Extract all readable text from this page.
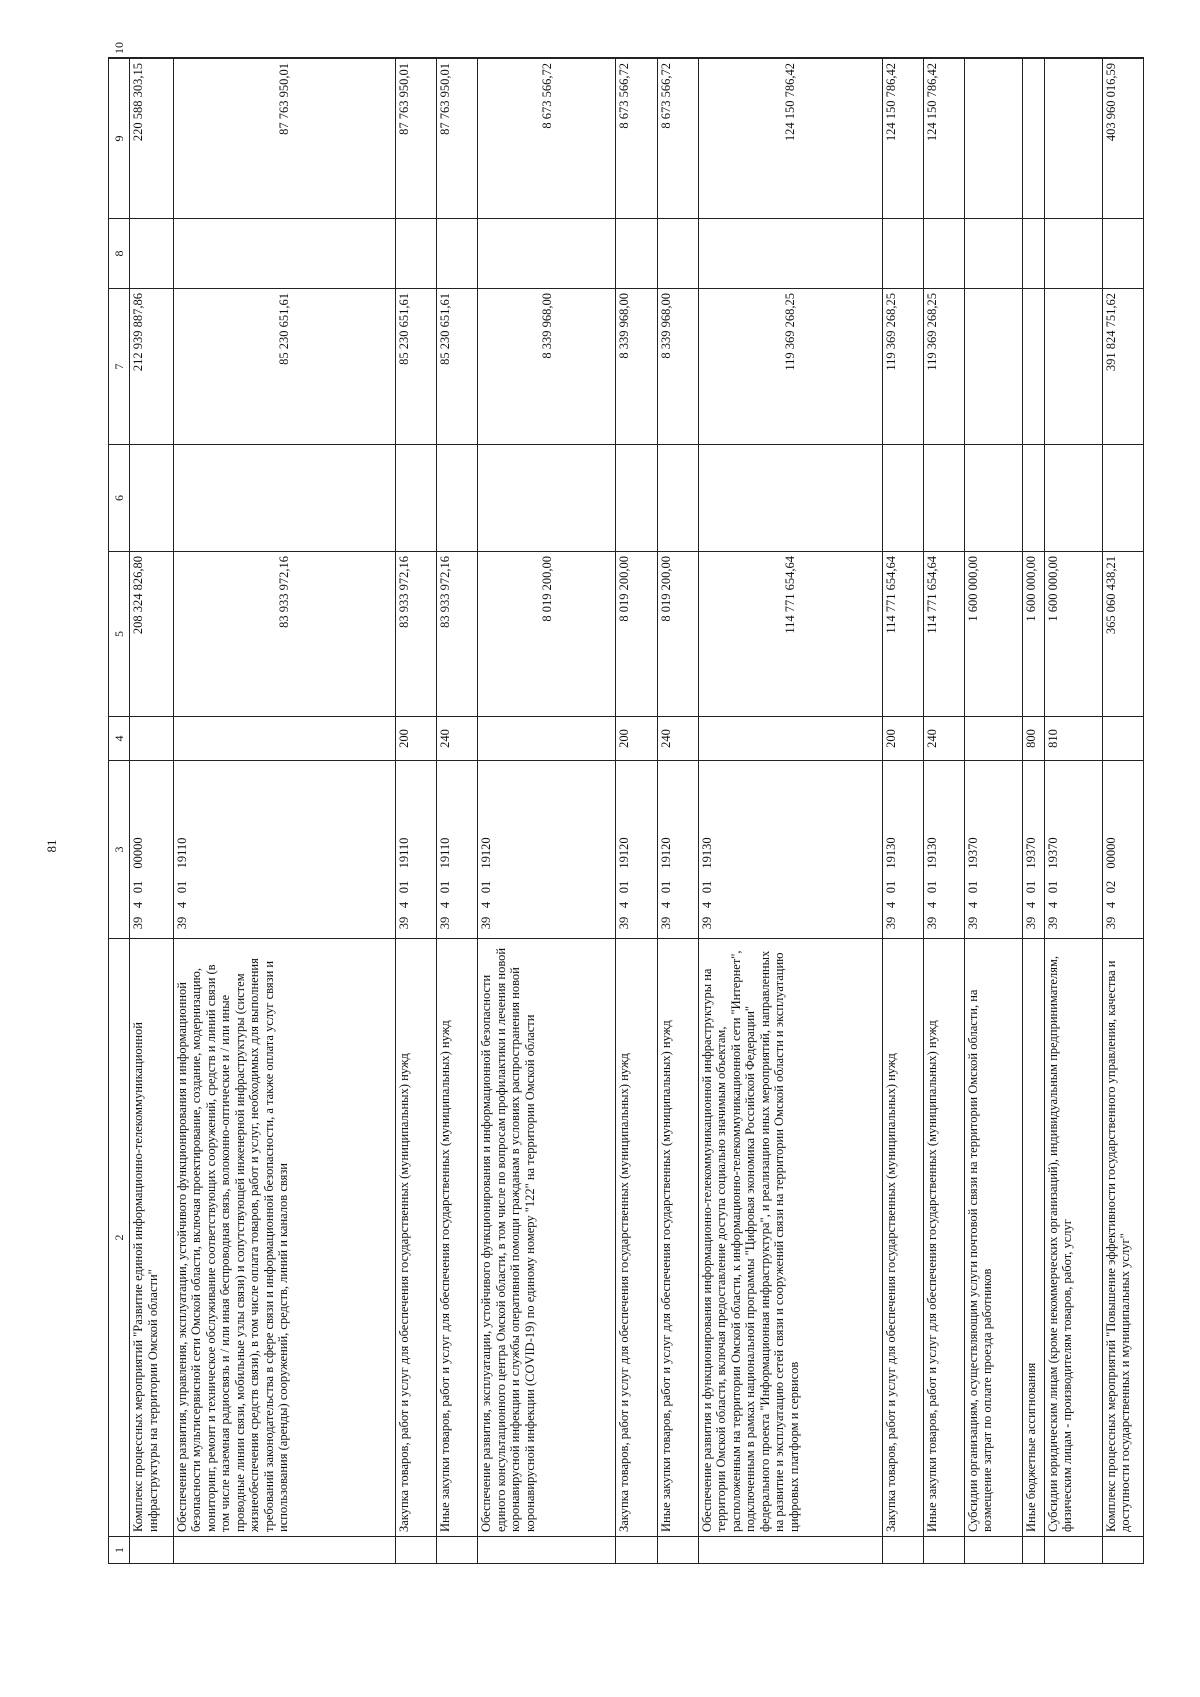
81
1	2	3	4	5	6	7	8	9	10
	Комплекс процессных мероприятий "Развитие единой информационно-телекоммуникационной инфраструктуры на территории Омской области"	3940100000		208 324 826,80		212 939 887,86		220 588 303,15	
	Обеспечение развития, управления, эксплуатации, устойчивого функционирования и информационной безопасности мультисервисной сети Омской области, включая проектирование, создание, модернизацию, мониторинг, ремонт и техническое обслуживание соответствующих сооружений, средств и линий связи (в том числе наземная радиосвязь и / или иная беспроводная связь, волоконно-оптические и / или иные проводные линии связи, мобильные узлы связи) и сопутствующей инженерной инфраструктуры (систем жизнеобеспечения средств связи), в том числе оплата товаров, работ и услуг, необходимых для выполнения требований законодательства в сфере связи и информационной безопасности, а также оплата услуг связи и использования (аренды) сооружений, средств, линий и каналов связи	3940119110		83 933 972,16		85 230 651,61		87 763 950,01	
	Закупка товаров, работ и услуг для обеспечения государственных (муниципальных) нужд	3940119110	200	83 933 972,16		85 230 651,61		87 763 950,01	
	Иные закупки товаров, работ и услуг для обеспечения государственных (муниципальных) нужд	3940119110	240	83 933 972,16		85 230 651,61		87 763 950,01	
	Обеспечение развития, эксплуатации, устойчивого функционирования и информационной безопасности единого консультационного центра Омской области, в том числе по вопросам профилактики и лечения новой коронавирусной инфекции и службы оперативной помощи гражданам в условиях распространения новой коронавирусной инфекции (COVID-19) по единому номеру "122" на территории Омской области	3940119120		8 019 200,00		8 339 968,00		8 673 566,72	
	Закупка товаров, работ и услуг для обеспечения государственных (муниципальных) нужд	3940119120	200	8 019 200,00		8 339 968,00		8 673 566,72	
	Иные закупки товаров, работ и услуг для обеспечения государственных (муниципальных) нужд	3940119120	240	8 019 200,00		8 339 968,00		8 673 566,72	
	Обеспечение развития и функционирования информационно-телекоммуникационной инфраструктуры на территории Омской области, включая предоставление доступа социально значимым объектам, расположенным на территории Омской области, к информационно-телекоммуникационной сети "Интернет", подключенным в рамках национальной программы "Цифровая экономика Российской Федерации" федерального проекта "Информационная инфраструктура", и реализацию иных мероприятий, направленных на развитие и эксплуатацию сетей связи и сооружений связи на территории Омской области и эксплуатацию цифровых платформ и сервисов	3940119130		114 771 654,64		119 369 268,25		124 150 786,42	
	Закупка товаров, работ и услуг для обеспечения государственных (муниципальных) нужд	3940119130	200	114 771 654,64		119 369 268,25		124 150 786,42	
	Иные закупки товаров, работ и услуг для обеспечения государственных (муниципальных) нужд	3940119130	240	114 771 654,64		119 369 268,25		124 150 786,42	
	Субсидии организациям, осуществляющим услуги почтовой связи на территории Омской области, на возмещение затрат по оплате проезда работников	3940119370		1 600 000,00					
	Иные бюджетные ассигнования	3940119370	800	1 600 000,00					
	Субсидии юридическим лицам (кроме некоммерческих организаций), индивидуальным предпринимателям, физическим лицам - производителям товаров, работ, услуг	3940119370	810	1 600 000,00					
	Комплекс процессных мероприятий "Повышение эффективности государственного управления, качества и доступности государственных и муниципальных услуг"	3940200000		365 060 438,21		391 824 751,62		403 960 016,59	
